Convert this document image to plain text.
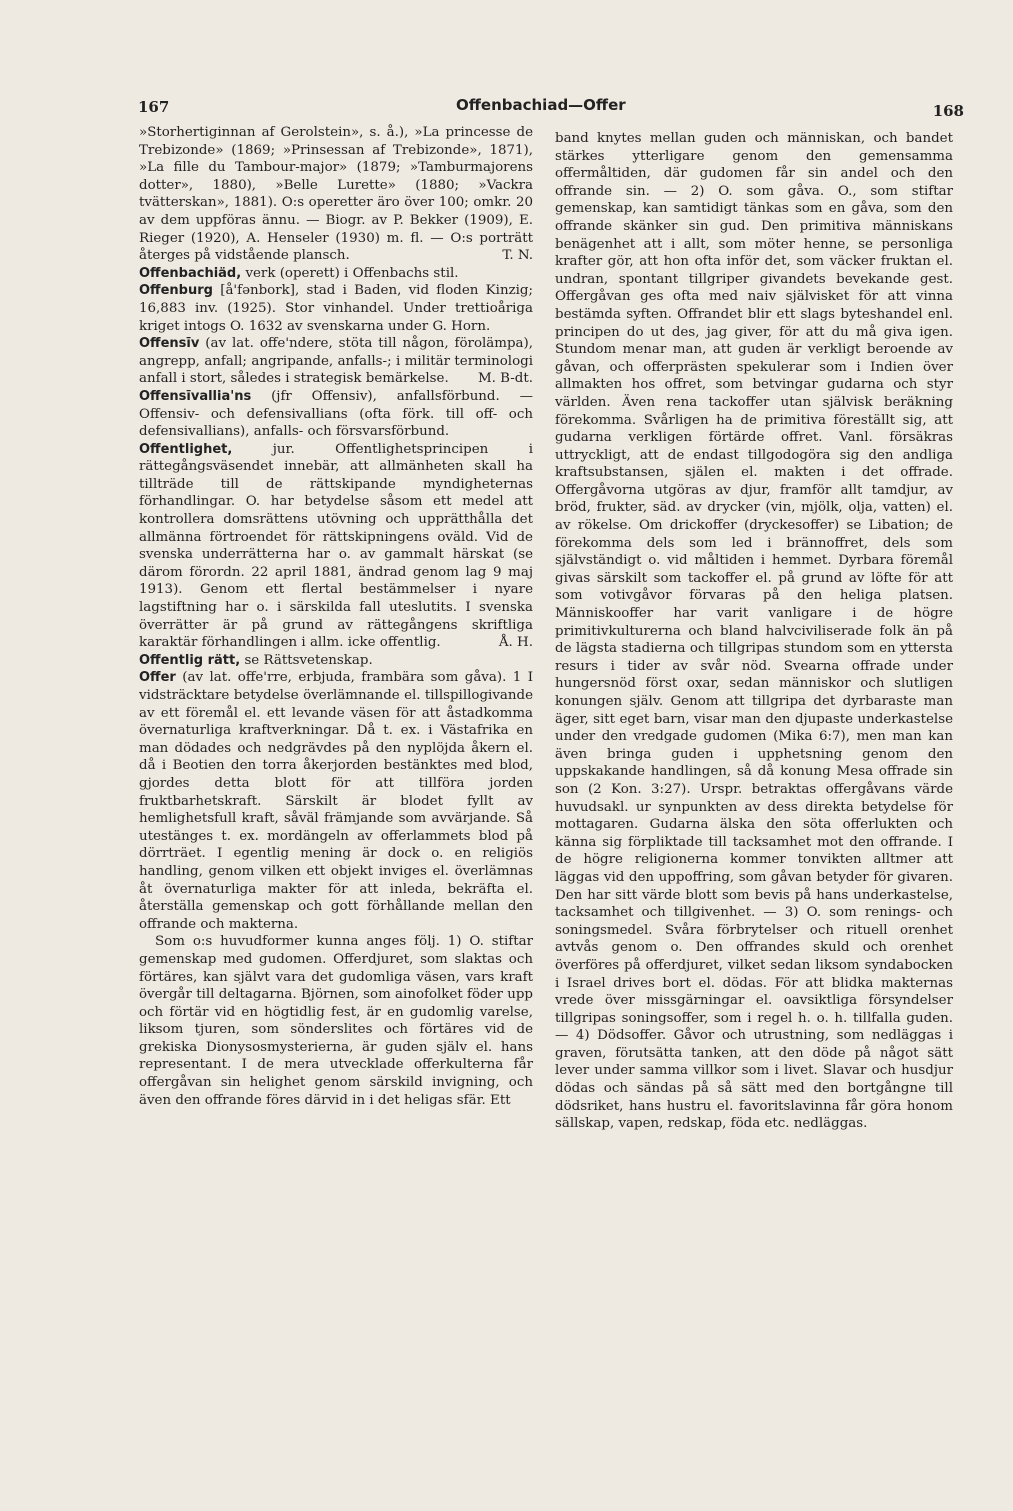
167	Offenbachiad—Offer	168

»Storhertiginnan af Gerolstein», s. å.), »La princesse de Trebizonde» (1869; »Prinsessan af Trebizonde», 1871), »La fille du Tambour-major» (1879; »Tamburmajorens dotter», 1880), »Belle Lurette» (1880; »Vackra tvätterskan», 1881). O:s operetter äro över 100; omkr. 20 av dem uppföras ännu. — Biogr. av P. Bekker (1909), E. Rieger (1920), A. Henseler (1930) m. fl. — O:s porträtt återges på vidstående plansch.	T. N.

Offenbachiäd, verk (operett) i Offenbachs stil.

Offenburg [å'fənbork], stad i Baden, vid floden Kinzig; 16,883 inv. (1925). Stor vinhandel. Under trettioåriga kriget intogs O. 1632 av svenskarna under G. Horn.

Offensīv (av lat. offe'ndere, stöta till någon, förolämpa), angrepp, anfall; angripande, anfalls-; i militär terminologi anfall i stort, således i strategisk bemärkelse. M. B-dt.

Offensīvallia'ns (jfr Offensiv), anfallsförbund. — Offensiv- och defensivallians (ofta förk. till off- och defensivallians), anfalls- och försvarsförbund.

Offentlighet,	jur. Offentlighetsprincipen i rättegångsväsendet innebär, att allmänheten skall ha tillträde till de rättskipande myndigheternas förhandlingar. O. har betydelse såsom ett medel att kontrollera domsrättens utövning och upprätthålla det allmänna förtroendet för rättskipningens oväld. Vid de svenska underrätterna har o. av gammalt härskat (se därom förordn. 22 april 1881, ändrad genom lag 9 maj 1913). Genom ett flertal bestämmelser i nyare lagstiftning har o. i särskilda fall uteslutits. I svenska överrätter är på grund av rättegångens skriftliga karaktär förhandlingen i allm. icke offentlig.	Å. H.

Offentlig rätt, se Rättsvetenskap.

Offer (av lat. offe'rre, erbjuda, frambära som gåva). 1 I vidsträcktare betydelse överlämnande el. tillspillogivande av ett föremål el. ett levande väsen för att åstadkomma övernaturliga kraftverkningar. Då t. ex. i Västafrika en man dödades och nedgrävdes på den nyplöjda åkern el. då i Beotien den torra åkerjorden bestänktes med blod, gjordes detta blott för att tillföra jorden fruktbarhetskraft. Särskilt är blodet fyllt av hemlighetsfull kraft, såväl främjande som avvärjande. Så utestänges t. ex. mordängeln av offerlammets blod på dörrträet. I egentlig mening är dock o. en religiös handling, genom vilken ett objekt inviges el. överlämnas åt övernaturliga makter för att inleda, bekräfta el. återställa gemenskap och gott förhållande mellan den offrande och makterna.

Som o:s huvudformer kunna anges följ. 1) O. stiftar gemenskap med gudomen. Offerdjuret, som slaktas och förtäres, kan självt vara det gudomliga väsen, vars kraft övergår till deltagarna. Björnen, som ainofolket föder upp och förtär vid en högtidlig fest, är en gudomlig varelse, liksom tjuren, som sönderslites och förtäres vid de grekiska Dionysosmysterierna, är guden själv el. hans representant. I de mera utvecklade offerkulterna får offergåvan sin helighet genom särskild invigning, och även den offrande föres därvid in i det heligas sfär. Ett

band knytes mellan guden och människan, och bandet stärkes ytterligare genom den gemensamma offermåltiden, där gudomen får sin andel och den offrande sin. — 2) O. som gåva. O., som stiftar gemenskap, kan samtidigt tänkas som en gåva, som den offrande skänker sin gud. Den primitiva människans benägenhet att i allt, som möter henne, se personliga krafter gör, att hon ofta inför det, som väcker fruktan el. undran, spontant tillgriper givandets bevekande gest. Offergåvan ges ofta med naiv självisket för att vinna bestämda syften. Offrandet blir ett slags byteshandel enl. principen do ut des, jag giver, för att du må giva igen. Stundom menar man, att guden är verkligt beroende av gåvan, och offerprästen spekulerar som i Indien över allmakten hos offret, som betvingar gudarna och styr världen. Även rena tackoffer utan självisk beräkning förekomma. Svårligen ha de primitiva föreställt sig, att gudarna verkligen förtärde offret. Vanl. försäkras uttryckligt, att de endast tillgodogöra sig den andliga kraftsubstansen, själen el. makten i det offrade. Offergåvorna utgöras av djur, framför allt tamdjur, av bröd, frukter, säd. av drycker (vin, mjölk, olja, vatten) el. av rökelse. Om drickoffer (dryckesoffer) se Libation; de förekomma dels som led i brännoffret, dels som självständigt o. vid måltiden i hemmet. Dyrbara föremål givas särskilt som tackoffer el. på grund av löfte för att som votivgåvor förvaras på den heliga platsen. Människooffer har varit vanligare i de högre primitivkulturerna och bland halvciviliserade folk än på de lägsta stadierna och tillgripas stundom som en yttersta resurs i tider av svår nöd. Svearna offrade under hungersnöd först oxar, sedan människor och slutligen konungen själv. Genom att tillgripa det dyrbaraste man äger, sitt eget barn, visar man den djupaste underkastelse under den vredgade gudomen (Mika 6:7), men man kan även bringa guden i upphetsning genom den uppskakande handlingen, så då konung Mesa offrade sin son (2 Kon. 3:27). Urspr. betraktas offergåvans värde huvudsakl. ur synpunkten av dess direkta betydelse för mottagaren. Gudarna älska den söta offerlukten och känna sig förpliktade till tacksamhet mot den offrande. I de högre religionerna kommer tonvikten alltmer att läggas vid den uppoffring, som gåvan betyder för givaren. Den har sitt värde blott som bevis på hans underkastelse, tacksamhet och tillgivenhet. — 3) O. som renings- och soningsmedel. Svåra förbrytelser och rituell orenhet avtvås genom o. Den offrandes skuld och orenhet överföres på offerdjuret, vilket sedan liksom syndabocken i Israel drives bort el. dödas. För att blidka makternas vrede över missgärningar el. oavsiktliga försyndelser tillgripas soningsoffer, som i regel h. o. h. tillfalla guden. — 4) Dödsoffer. Gåvor och utrustning, som nedläggas i graven, förutsätta tanken, att den döde på något sätt lever under samma villkor som i livet. Slavar och husdjur dödas och sändas på så sätt med den bortgångne till dödsriket, hans hustru el. favoritslavinna får göra honom sällskap, vapen, redskap, föda etc. nedläggas.
